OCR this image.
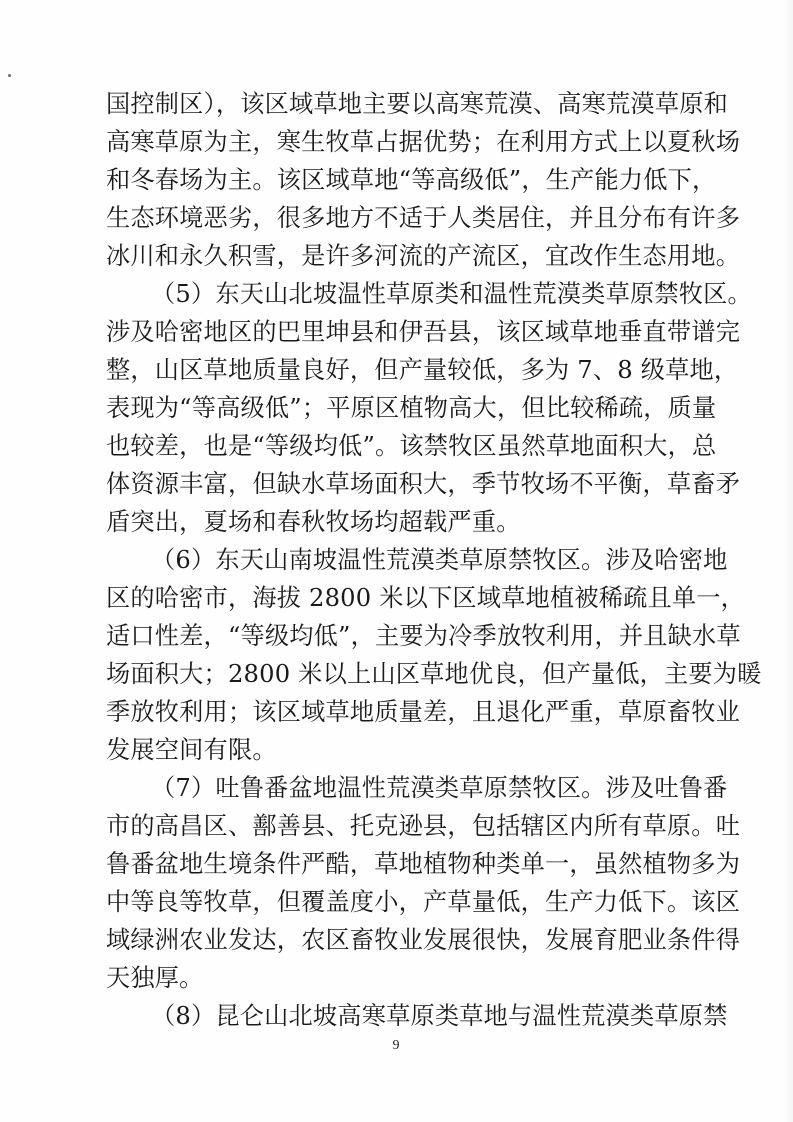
国控制区），该区域草地主要以高寒荒漠、高寒荒漠草原和
高寒草原为主，寒生牧草占据优势；在利用方式上以夏秋场
和冬春场为主。该区域草地“等高级低”，生产能力低下，
生态环境恶劣，很多地方不适于人类居住，并且分布有许多
冰川和永久积雪，是许多河流的产流区，宜改作生态用地。
（5）东天山北坡温性草原类和温性荒漠类草原禁牧区。
涉及哈密地区的巴里坤县和伊吾县，该区域草地垂直带谱完
整，山区草地质量良好，但产量较低，多为 7、8 级草地，
表现为“等高级低”；平原区植物高大，但比较稀疏，质量
也较差，也是“等级均低”。该禁牧区虽然草地面积大，总
体资源丰富，但缺水草场面积大，季节牧场不平衡，草畜矛
盾突出，夏场和春秋牧场均超载严重。
（6）东天山南坡温性荒漠类草原禁牧区。涉及哈密地
区的哈密市，海拔 2800 米以下区域草地植被稀疏且单一，
适口性差，“等级均低”，主要为冷季放牧利用，并且缺水草
场面积大；2800 米以上山区草地优良，但产量低，主要为暖
季放牧利用；该区域草地质量差，且退化严重，草原畜牧业
发展空间有限。
（7）吐鲁番盆地温性荒漠类草原禁牧区。涉及吐鲁番
市的高昌区、鄯善县、托克逊县，包括辖区内所有草原。吐
鲁番盆地生境条件严酷，草地植物种类单一，虽然植物多为
中等良等牧草，但覆盖度小，产草量低，生产力低下。该区
域绿洲农业发达，农区畜牧业发展很快，发展育肥业条件得
天独厚。
（8）昆仑山北坡高寒草原类草地与温性荒漠类草原禁
9
